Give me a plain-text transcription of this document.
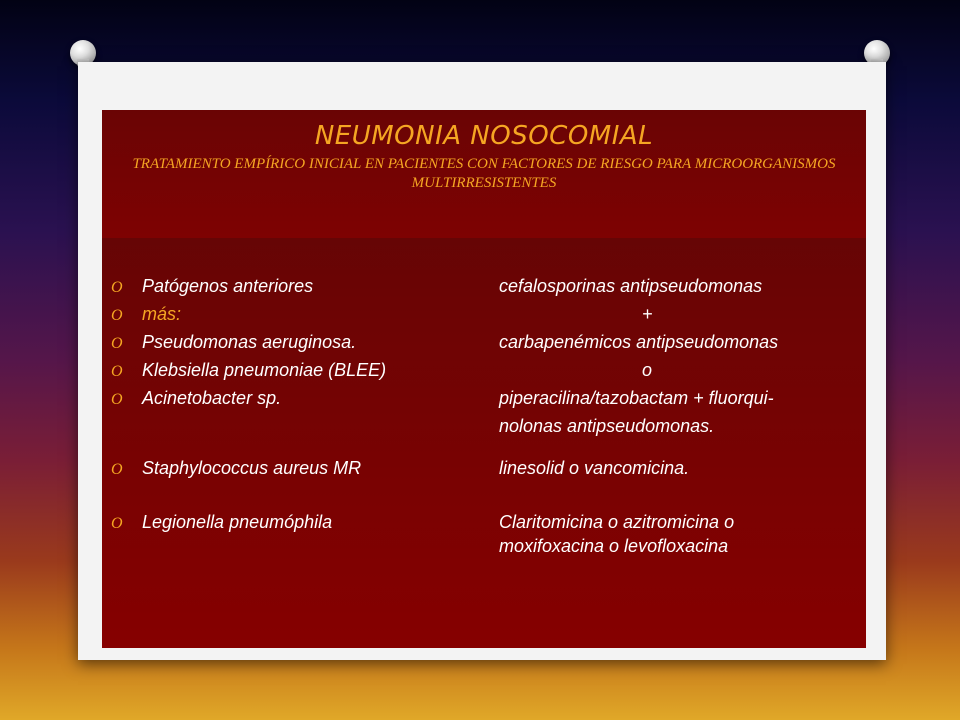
NEUMONIA NOSOCOMIAL
TRATAMIENTO EMPÍRICO INICIAL EN PACIENTES CON FACTORES DE RIESGO PARA MICROORGANISMOS MULTIRRESISTENTES
O Patógenos anteriores	cefalosporinas antipseudomonas
O más:	+
O Pseudomonas aeruginosa.	carbapenémicos antipseudomonas
O Klebsiella pneumoniae (BLEE)	o
O Acinetobacter sp.	piperacilina/tazobactam + fluorqui-
nolonas antipseudomonas.
O Staphylococcus aureus MR	linesolid o vancomicina.
O Legionella pneumóphila	Claritomicina o azitromicina o
moxifoxacina o levofloxacina
